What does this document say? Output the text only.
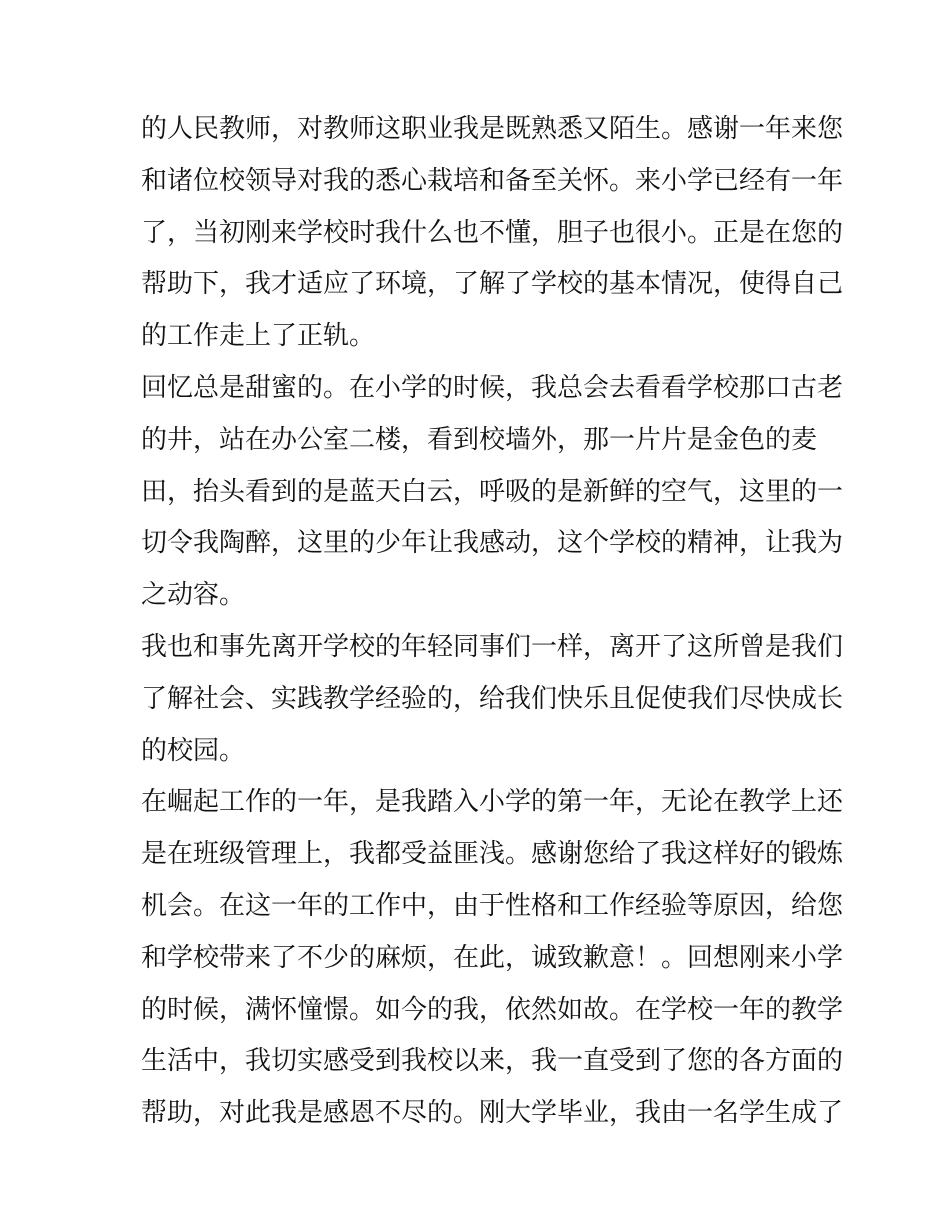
的人民教师，对教师这职业我是既熟悉又陌生。感谢一年来您
和诸位校领导对我的悉心栽培和备至关怀。来小学已经有一年
了，当初刚来学校时我什么也不懂，胆子也很小。正是在您的
帮助下，我才适应了环境，了解了学校的基本情况，使得自己
的工作走上了正轨。
回忆总是甜蜜的。在小学的时候，我总会去看看学校那口古老
的井，站在办公室二楼，看到校墙外，那一片片是金色的麦
田，抬头看到的是蓝天白云，呼吸的是新鲜的空气，这里的一
切令我陶醉，这里的少年让我感动，这个学校的精神，让我为
之动容。
我也和事先离开学校的年轻同事们一样，离开了这所曾是我们
了解社会、实践教学经验的，给我们快乐且促使我们尽快成长
的校园。
在崛起工作的一年，是我踏入小学的第一年，无论在教学上还
是在班级管理上，我都受益匪浅。感谢您给了我这样好的锻炼
机会。在这一年的工作中，由于性格和工作经验等原因，给您
和学校带来了不少的麻烦，在此，诚致歉意！。回想刚来小学
的时候，满怀憧憬。如今的我，依然如故。在学校一年的教学
生活中，我切实感受到我校以来，我一直受到了您的各方面的
帮助，对此我是感恩不尽的。刚大学毕业，我由一名学生成了
